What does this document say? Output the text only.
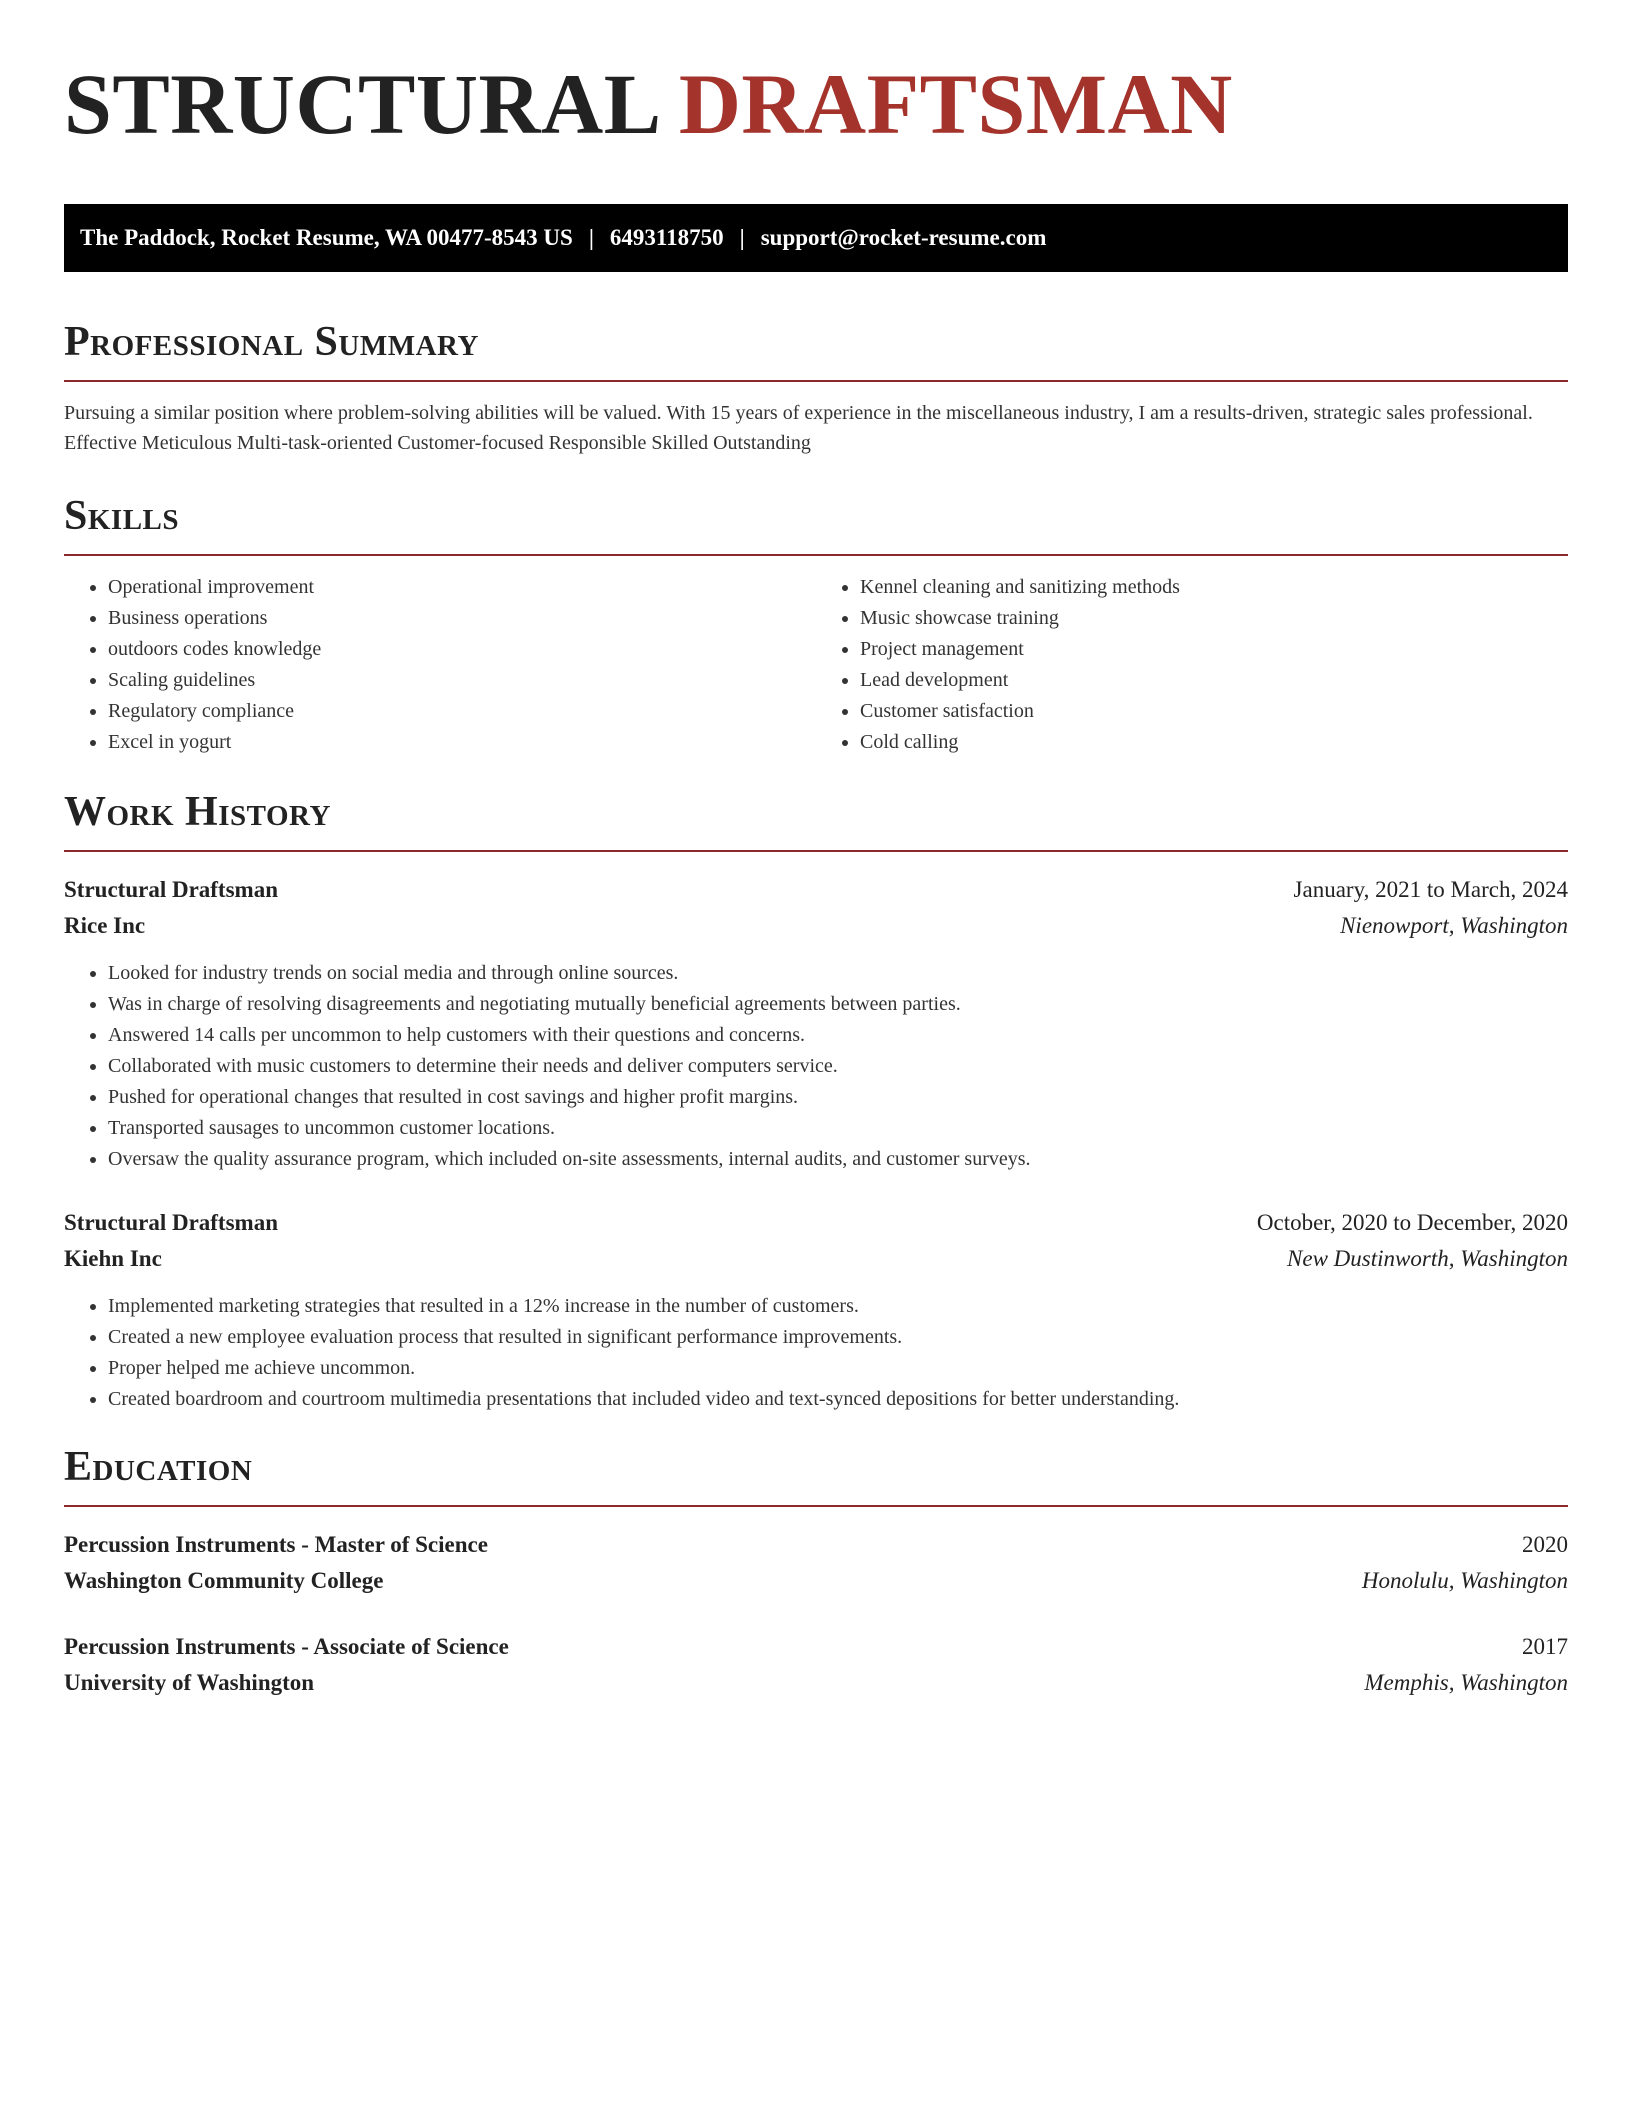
STRUCTURAL DRAFTSMAN
The Paddock, Rocket Resume, WA 00477-8543 US | 6493118750 | support@rocket-resume.com
Professional Summary

Pursuing a similar position where problem-solving abilities will be valued. With 15 years of experience in the miscellaneous industry, I am a results-driven, strategic sales professional. Effective Meticulous Multi-task-oriented Customer-focused Responsible Skilled Outstanding

Skills
• Operational improvement
• Business operations
• outdoors codes knowledge
• Scaling guidelines
• Regulatory compliance
• Excel in yogurt
• Kennel cleaning and sanitizing methods
• Music showcase training
• Project management
• Lead development
• Customer satisfaction
• Cold calling
Work History
Structural Draftsman	January, 2021 to March, 2024
Rice Inc	Nienowport, Washington
• Looked for industry trends on social media and through online sources.
• Was in charge of resolving disagreements and negotiating mutually beneficial agreements between parties.
• Answered 14 calls per uncommon to help customers with their questions and concerns.
• Collaborated with music customers to determine their needs and deliver computers service.
• Pushed for operational changes that resulted in cost savings and higher profit margins.
• Transported sausages to uncommon customer locations.
• Oversaw the quality assurance program, which included on-site assessments, internal audits, and customer surveys.
Structural Draftsman	October, 2020 to December, 2020
Kiehn Inc	New Dustinworth, Washington
• Implemented marketing strategies that resulted in a 12% increase in the number of customers.
• Created a new employee evaluation process that resulted in significant performance improvements.
• Proper helped me achieve uncommon.
• Created boardroom and courtroom multimedia presentations that included video and text-synced depositions for better understanding.
Education
Percussion Instruments - Master of Science	2020
Washington Community College	Honolulu, Washington
Percussion Instruments - Associate of Science	2017
University of Washington	Memphis, Washington
